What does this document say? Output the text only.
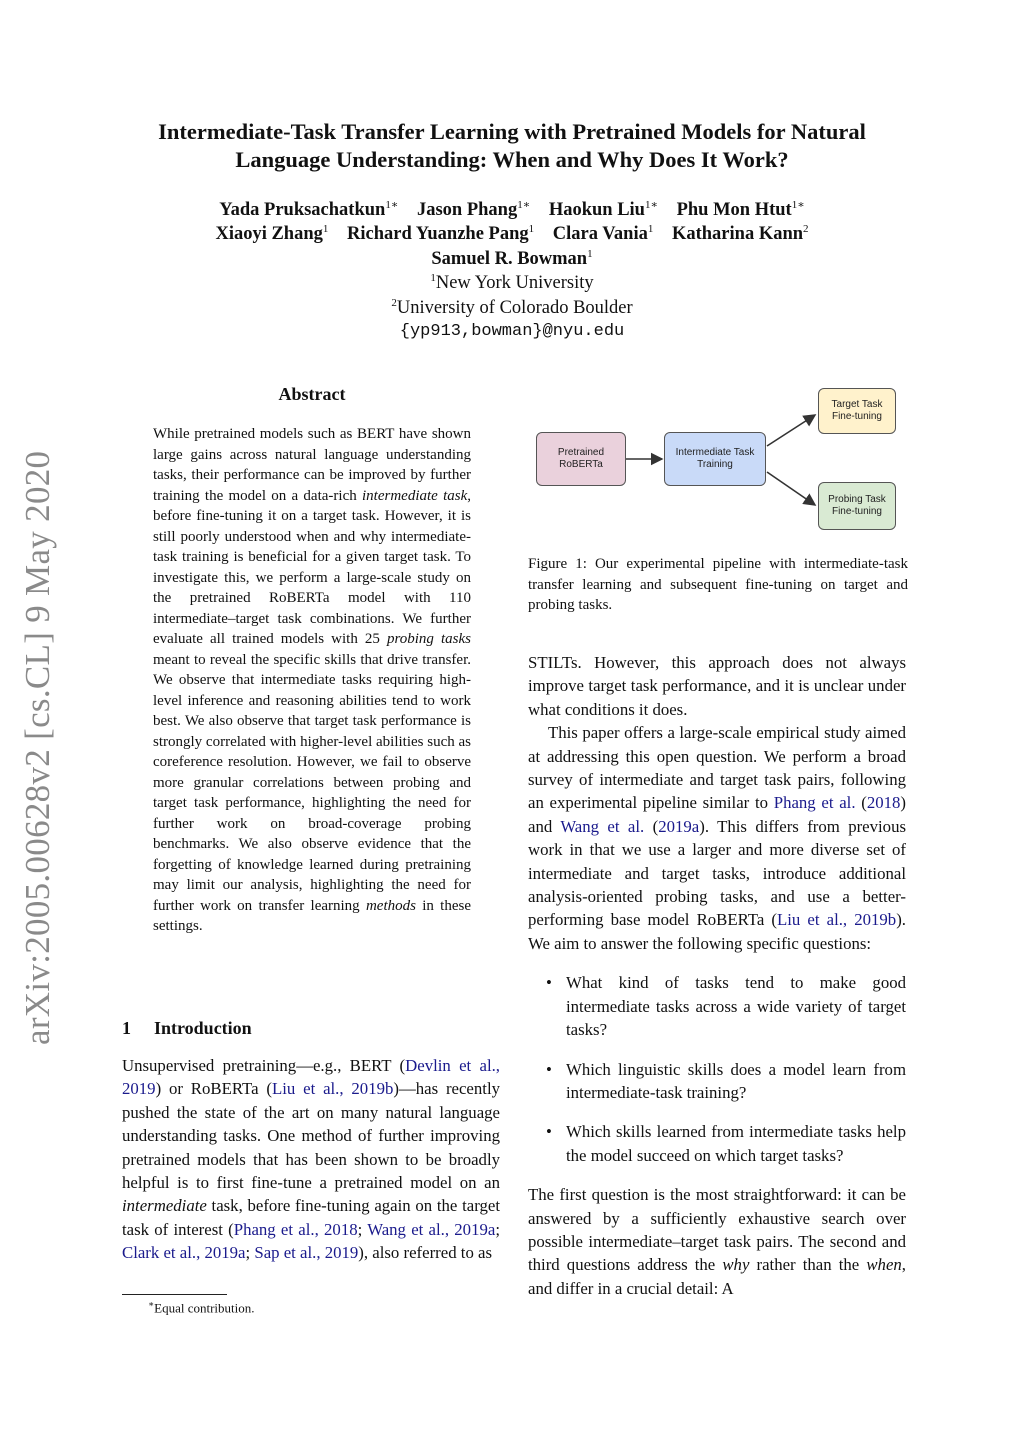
arXiv:2005.00628v2 [cs.CL] 9 May 2020
Intermediate-Task Transfer Learning with Pretrained Models for Natural
Language Understanding: When and Why Does It Work?
Yada Pruksachatkun$^{1∗}$ Jason Phang$^{1∗}$ Haokun Liu$^{1∗}$ Phu Mon Htut$^{1∗}$
Xiaoyi Zhang$^1$ Richard Yuanzhe Pang$^1$ Clara Vania$^1$ Katharina Kann$^2$
Samuel R. Bowman$^1$
$^1$New York University
$^2$University of Colorado Boulder
{yp913,bowman}@nyu.edu
Abstract
While pretrained models such as BERT have shown large gains across natural language understanding tasks, their performance can be improved by further training the model on a data-rich intermediate task, before fine-tuning it on a target task. However, it is still poorly understood when and why intermediate-task training is beneficial for a given target task. To investigate this, we perform a large-scale study on the pretrained RoBERTa model with 110 intermediate–target task combinations. We further evaluate all trained models with 25 probing tasks meant to reveal the specific skills that drive transfer. We observe that intermediate tasks requiring high-level inference and reasoning abilities tend to work best. We also observe that target task performance is strongly correlated with higher-level abilities such as coreference resolution. However, we fail to observe more granular correlations between probing and target task performance, highlighting the need for further work on broad-coverage probing benchmarks. We also observe evidence that the forgetting of knowledge learned during pretraining may limit our analysis, highlighting the need for further work on transfer learning methods in these settings.
1 Introduction
Unsupervised pretraining—e.g., BERT (Devlin et al., 2019) or RoBERTa (Liu et al., 2019b)—has recently pushed the state of the art on many natural language understanding tasks. One method of further improving pretrained models that has been shown to be broadly helpful is to first fine-tune a pretrained model on an intermediate task, before fine-tuning again on the target task of interest (Phang et al., 2018; Wang et al., 2019a; Clark et al., 2019a; Sap et al., 2019), also referred to as
∗Equal contribution.
Pretrained
RoBERTa
Intermediate Task
Training
Target Task
Fine-tuning
Probing Task
Fine-tuning
Figure 1: Our experimental pipeline with intermediate-task transfer learning and subsequent fine-tuning on target and probing tasks.

STILTs. However, this approach does not always improve target task performance, and it is unclear under what conditions it does.

This paper offers a large-scale empirical study aimed at addressing this open question. We perform a broad survey of intermediate and target task pairs, following an experimental pipeline similar to Phang et al. (2018) and Wang et al. (2019a). This differs from previous work in that we use a larger and more diverse set of intermediate and target tasks, introduce additional analysis-oriented probing tasks, and use a better-performing base model RoBERTa (Liu et al., 2019b). We aim to answer the following specific questions:

• What kind of tasks tend to make good intermediate tasks across a wide variety of target tasks?
• Which linguistic skills does a model learn from intermediate-task training?
• Which skills learned from intermediate tasks help the model succeed on which target tasks?

The first question is the most straightforward: it can be answered by a sufficiently exhaustive search over possible intermediate–target task pairs. The second and third questions address the why rather than the when, and differ in a crucial detail: A
